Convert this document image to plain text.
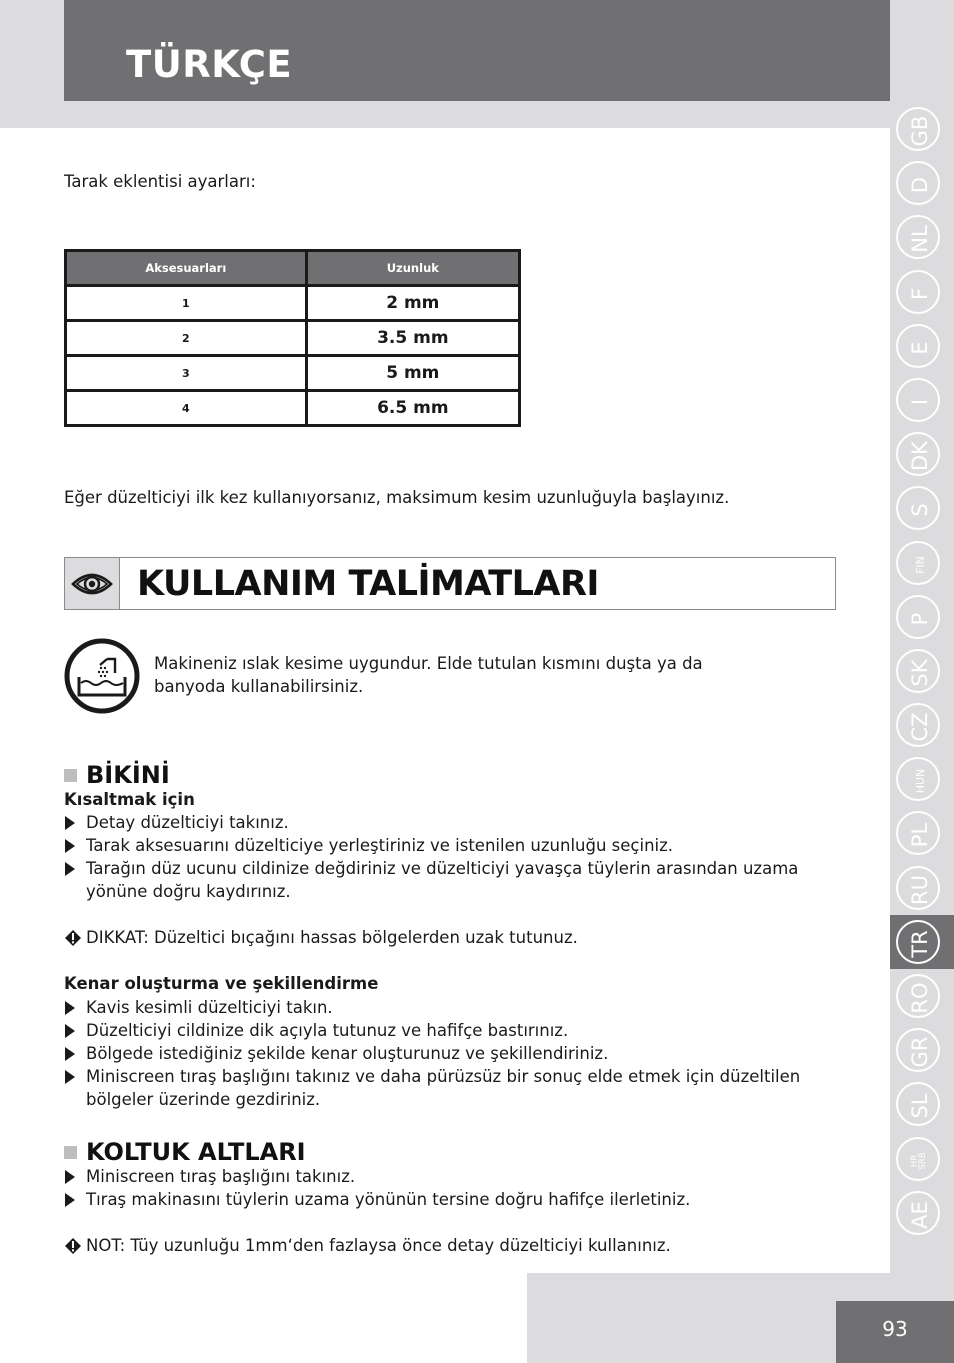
TÜRKÇE
GB
D
NL
F
E
I
DK
S
FIN
P
SK
CZ
HUN
PL
RU
TR
RO
GR
SL
HR
SRB
AE

Tarak eklentisi ayarları:

Aksesuarları	Uzunluk
1	2 mm
2	3.5 mm
3	5 mm
4	6.5 mm

Eğer düzelticiyi ilk kez kullanıyorsanız, maksimum kesim uzunluğuyla başlayınız.

KULLANIM TALİMATLARI

Makineniz ıslak kesime uygundur. Elde tutulan kısmını duşta ya da
banyoda kullanabilirsiniz.

BİKİNİ

Kısaltmak için

Detay düzelticiyi takınız.
Tarak aksesuarını düzelticiye yerleştiriniz ve istenilen uzunluğu seçiniz.
Tarağın düz ucunu cildinize değdiriniz ve düzelticiyi yavaşça tüylerin arasından uzama yönüne doğru kaydırınız.

DIKKAT: Düzeltici bıçağını hassas bölgelerden uzak tutunuz.

Kenar oluşturma ve şekillendirme

Kavis kesimli düzelticiyi takın.
Düzelticiyi cildinize dik açıyla tutunuz ve hafifçe bastırınız.
Bölgede istediğiniz şekilde kenar oluşturunuz ve şekillendiriniz.
Miniscreen tıraş başlığını takınız ve daha pürüzsüz bir sonuç elde etmek için düzeltilen bölgeler üzerinde gezdiriniz.
KOLTUK ALTLARI
Miniscreen tıraş başlığını takınız.
Tıraş makinasını tüylerin uzama yönünün tersine doğru hafifçe ilerletiniz.

NOT: Tüy uzunluğu 1mm‘den fazlaysa önce detay düzelticiyi kullanınız.

93
